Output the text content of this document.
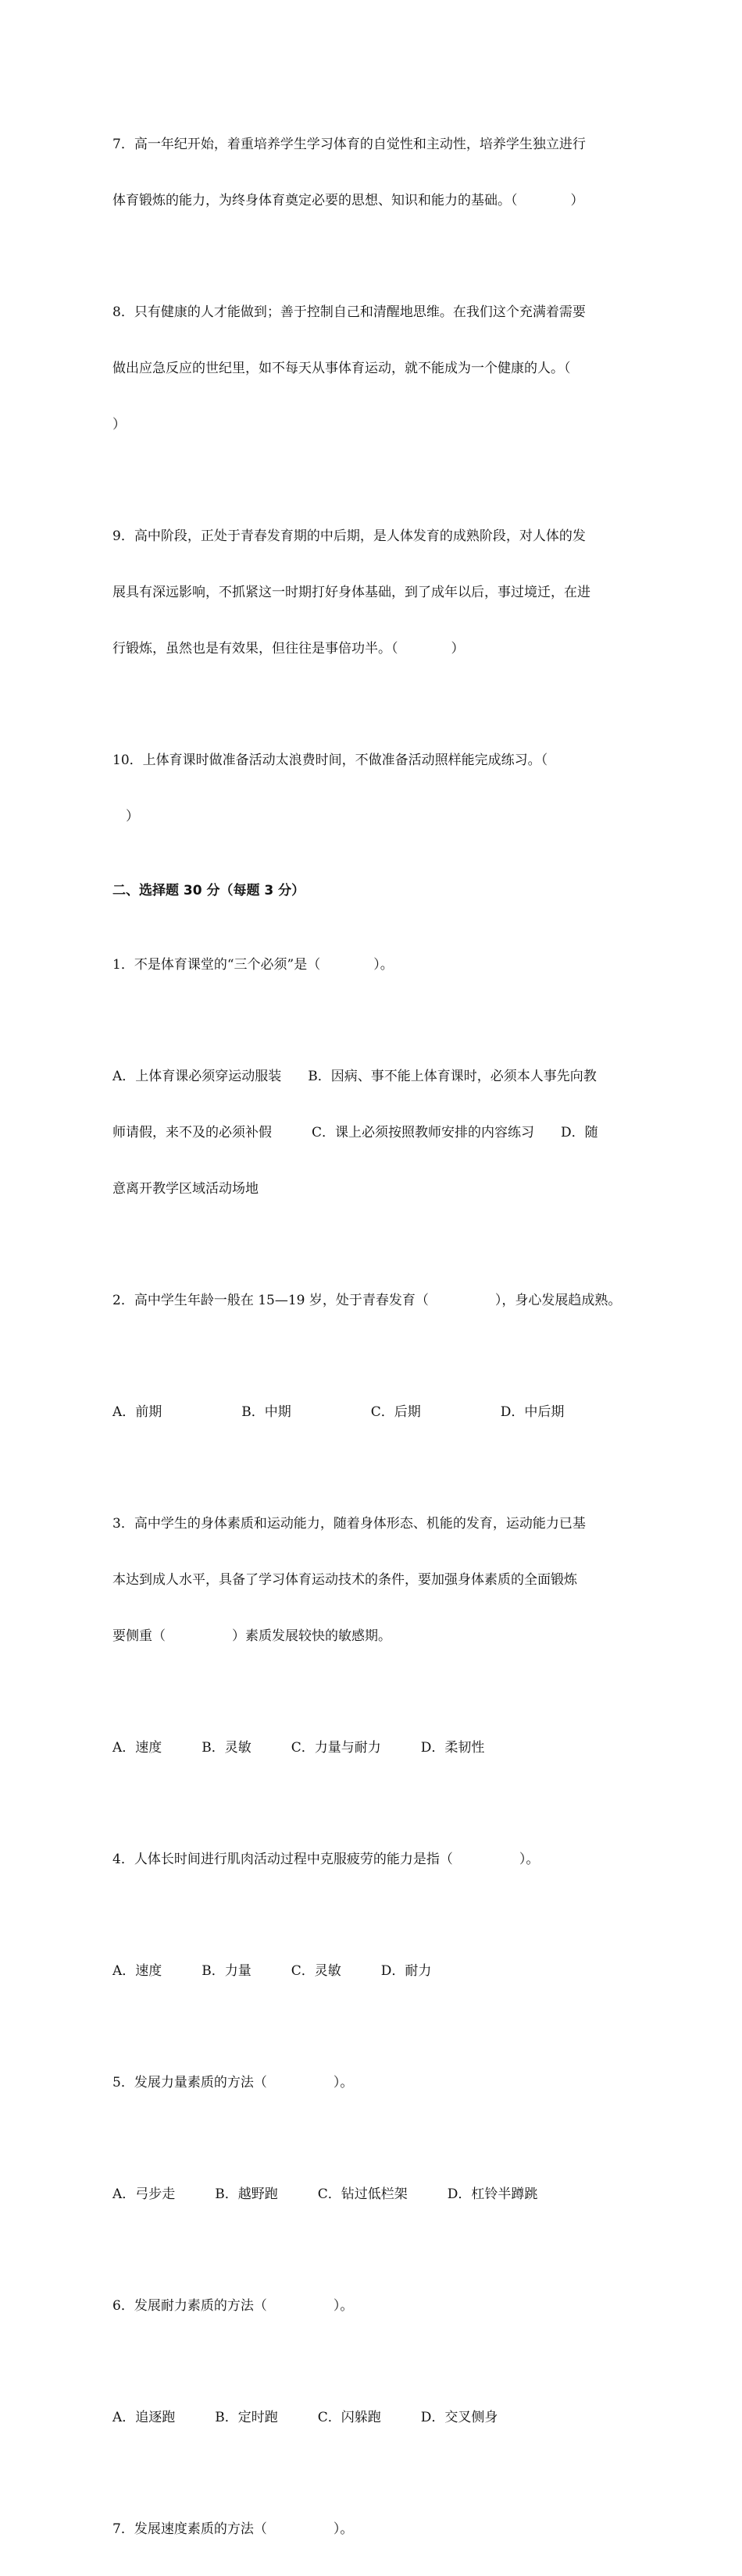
7．高一年纪开始，着重培养学生学习体育的自觉性和主动性，培养学生独立进行

体育锻炼的能力，为终身体育奠定必要的思想、知识和能力的基础。（　　　　）

8．只有健康的人才能做到；善于控制自己和清醒地思维。在我们这个充满着需要

做出应急反应的世纪里，如不每天从事体育运动，就不能成为一个健康的人。（

）

9．高中阶段，正处于青春发育期的中后期，是人体发育的成熟阶段，对人体的发

展具有深远影响，不抓紧这一时期打好身体基础，到了成年以后，事过境迁，在进

行锻炼，虽然也是有效果，但往往是事倍功半。（　　　　）

10．上体育课时做准备活动太浪费时间，不做准备活动照样能完成练习。（

　）

二、选择题 30 分（每题 3 分）

1．不是体育课堂的“三个必须”是（　　　　）。

A．上体育课必须穿运动服装　　B．因病、事不能上体育课时，必须本人事先向教

师请假，来不及的必须补假　　　C．课上必须按照教师安排的内容练习　　D．随

意离开教学区域活动场地

2．高中学生年龄一般在 15—19 岁，处于青春发育（　　　　　），身心发展趋成熟。

A．前期　　　　　　B．中期　　　　　　C．后期　　　　　　D．中后期

3．高中学生的身体素质和运动能力，随着身体形态、机能的发育，运动能力已基

本达到成人水平，具备了学习体育运动技术的条件，要加强身体素质的全面锻炼

要侧重（　　　　　）素质发展较快的敏感期。

A．速度　　　B．灵敏　　　C．力量与耐力　　　D．柔韧性

4．人体长时间进行肌肉活动过程中克服疲劳的能力是指（　　　　　）。

A．速度　　　B．力量　　　C．灵敏　　　D．耐力

5．发展力量素质的方法（　　　　　）。

A．弓步走　　　B．越野跑　　　C．钻过低栏架　　　D．杠铃半蹲跳

6．发展耐力素质的方法（　　　　　）。

A．追逐跑　　　B．定时跑　　　C．闪躲跑　　　D．交叉侧身

7．发展速度素质的方法（　　　　　）。
